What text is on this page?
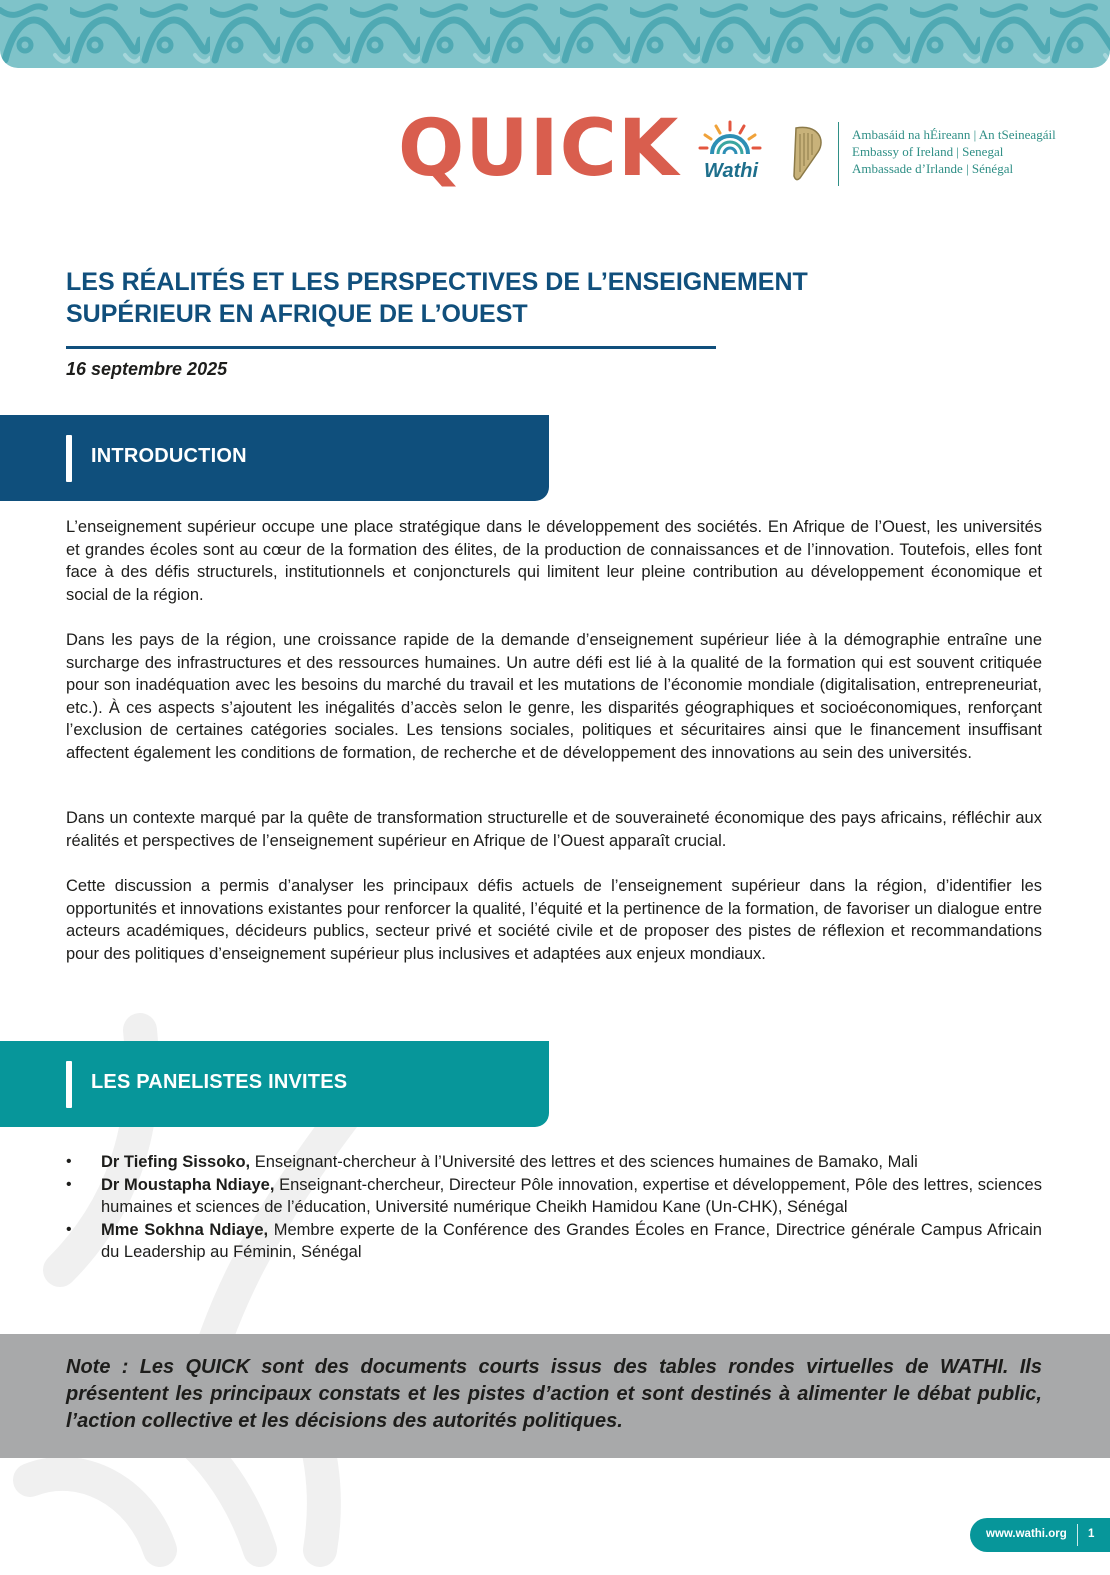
QUICK Wathi
Ambasáid na hÉireann | An tSeineagáil
Embassy of Ireland | Senegal
Ambassade d’Irlande | Sénégal
LES RÉALITÉS ET LES PERSPECTIVES DE L’ENSEIGNEMENT
SUPÉRIEUR EN AFRIQUE DE L’OUEST
16 septembre 2025
INTRODUCTION

L’enseignement supérieur occupe une place stratégique dans le développement des sociétés. En Afrique de l’Ouest, les universités et grandes écoles sont au cœur de la formation des élites, de la production de connaissances et de l’innovation. Toutefois, elles font face à des défis structurels, institutionnels et conjoncturels qui limitent leur pleine contribution au développement économique et social de la région.

Dans les pays de la région, une croissance rapide de la demande d’enseignement supérieur liée à la démographie entraîne une surcharge des infrastructures et des ressources humaines. Un autre défi est lié à la qualité de la formation qui est souvent critiquée pour son inadéquation avec les besoins du marché du travail et les mutations de l’économie mondiale (digitalisation, entrepreneuriat, etc.). À ces aspects s’ajoutent les inégalités d’accès selon le genre, les disparités géographiques et socioéconomiques, renforçant l’exclusion de certaines catégories sociales. Les tensions sociales, politiques et sécuritaires ainsi que le financement insuffisant affectent également les conditions de formation, de recherche et de développement des innovations au sein des universités.

Dans un contexte marqué par la quête de transformation structurelle et de souveraineté économique des pays africains, réfléchir aux réalités et perspectives de l’enseignement supérieur en Afrique de l’Ouest apparaît crucial.

Cette discussion a permis d’analyser les principaux défis actuels de l’enseignement supérieur dans la région, d’identifier les opportunités et innovations existantes pour renforcer la qualité, l’équité et la pertinence de la formation, de favoriser un dialogue entre acteurs académiques, décideurs publics, secteur privé et société civile et de proposer des pistes de réflexion et recommandations pour des politiques d’enseignement supérieur plus inclusives et adaptées aux enjeux mondiaux.

LES PANELISTES INVITES
• Dr Tiefing Sissoko, Enseignant-chercheur à l’Université des lettres et des sciences humaines de Bamako, Mali
• Dr Moustapha Ndiaye, Enseignant-chercheur, Directeur Pôle innovation, expertise et développement, Pôle des lettres, sciences humaines et sciences de l’éducation, Université numérique Cheikh Hamidou Kane (Un-CHK), Sénégal
• Mme Sokhna Ndiaye, Membre experte de la Conférence des Grandes Écoles en France, Directrice générale Campus Africain du Leadership au Féminin, Sénégal

Note : Les QUICK sont des documents courts issus des tables rondes virtuelles de WATHI. Ils présentent les principaux constats et les pistes d’action et sont destinés à alimenter le débat public, l’action collective et les décisions des autorités politiques.

www.wathi.org 1
